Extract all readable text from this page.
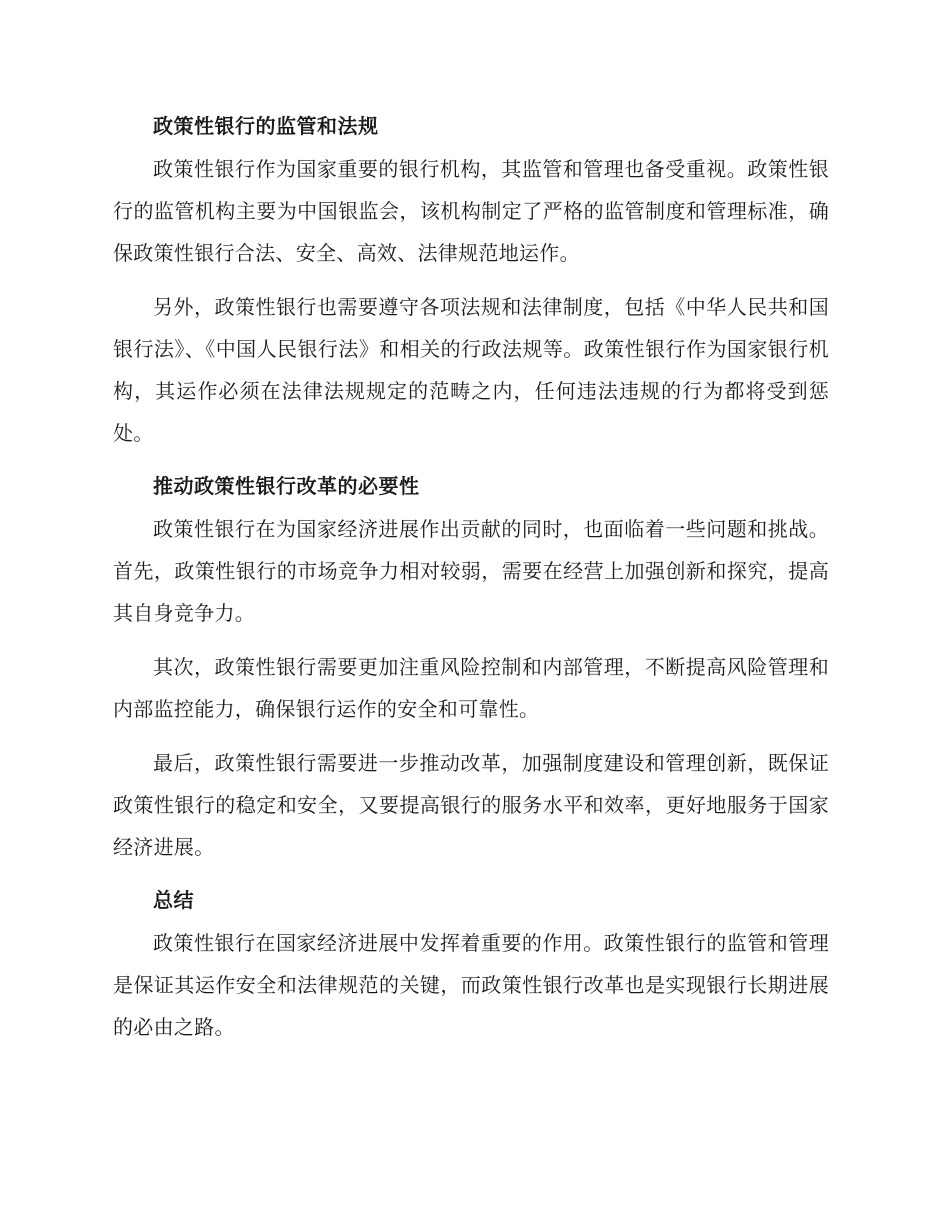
政策性银行的监管和法规

政策性银行作为国家重要的银行机构，其监管和管理也备受重视。政策性银行的监管机构主要为中国银监会，该机构制定了严格的监管制度和管理标准，确保政策性银行合法、安全、高效、法律规范地运作。

另外，政策性银行也需要遵守各项法规和法律制度，包括《中华人民共和国银行法》、《中国人民银行法》和相关的行政法规等。政策性银行作为国家银行机构，其运作必须在法律法规规定的范畴之内，任何违法违规的行为都将受到惩处。

推动政策性银行改革的必要性

政策性银行在为国家经济进展作出贡献的同时，也面临着一些问题和挑战。首先，政策性银行的市场竞争力相对较弱，需要在经营上加强创新和探究，提高其自身竞争力。

其次，政策性银行需要更加注重风险控制和内部管理，不断提高风险管理和内部监控能力，确保银行运作的安全和可靠性。

最后，政策性银行需要进一步推动改革，加强制度建设和管理创新，既保证政策性银行的稳定和安全，又要提高银行的服务水平和效率，更好地服务于国家经济进展。

总结

政策性银行在国家经济进展中发挥着重要的作用。政策性银行的监管和管理是保证其运作安全和法律规范的关键，而政策性银行改革也是实现银行长期进展的必由之路。
